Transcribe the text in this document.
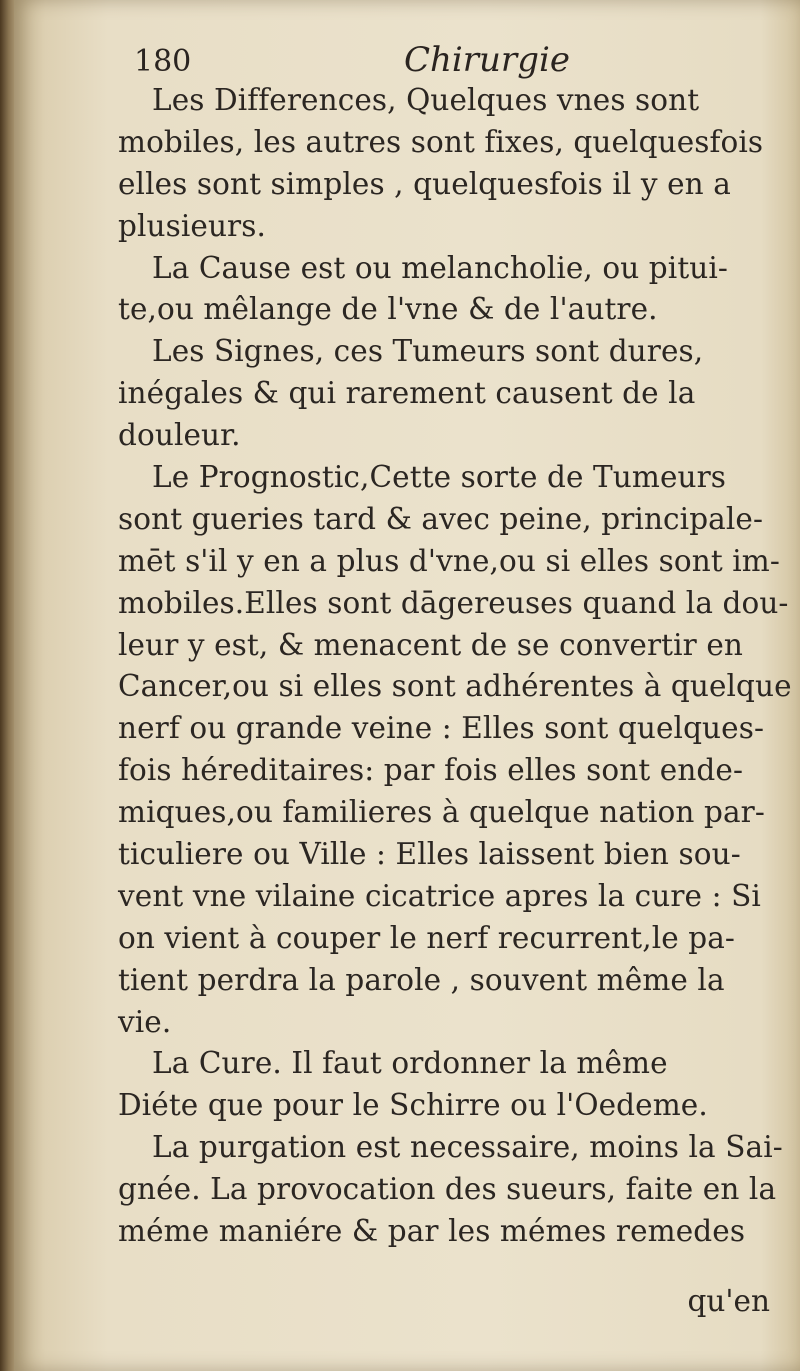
180	Chirurgie
Les Differences, Quelques vnes sont
mobiles, les autres sont fixes, quelquesfois
elles sont simples , quelquesfois il y en a
plusieurs.
La Cause est ou melancholie, ou pitui-
te,ou mêlange de l'vne & de l'autre.
Les Signes, ces Tumeurs sont dures,
inégales & qui rarement causent de la
douleur.
Le Prognostic,Cette sorte de Tumeurs
sont gueries tard & avec peine, principale-
mēt s'il y en a plus d'vne,ou si elles sont im-
mobiles.Elles sont dāgereuses quand la dou-
leur y est, & menacent de se convertir en
Cancer,ou si elles sont adhérentes à quelque
nerf ou grande veine : Elles sont quelques-
fois héreditaires: par fois elles sont ende-
miques,ou familieres à quelque nation par-
ticuliere ou Ville : Elles laissent bien sou-
vent vne vilaine cicatrice apres la cure : Si
on vient à couper le nerf recurrent,le pa-
tient perdra la parole , souvent même la
vie.
La Cure. Il faut ordonner la même
Diéte que pour le Schirre ou l'Oedeme.
La purgation est necessaire, moins la Sai-
gnée. La provocation des sueurs, faite en la
méme maniére & par les mémes remedes
qu'en
